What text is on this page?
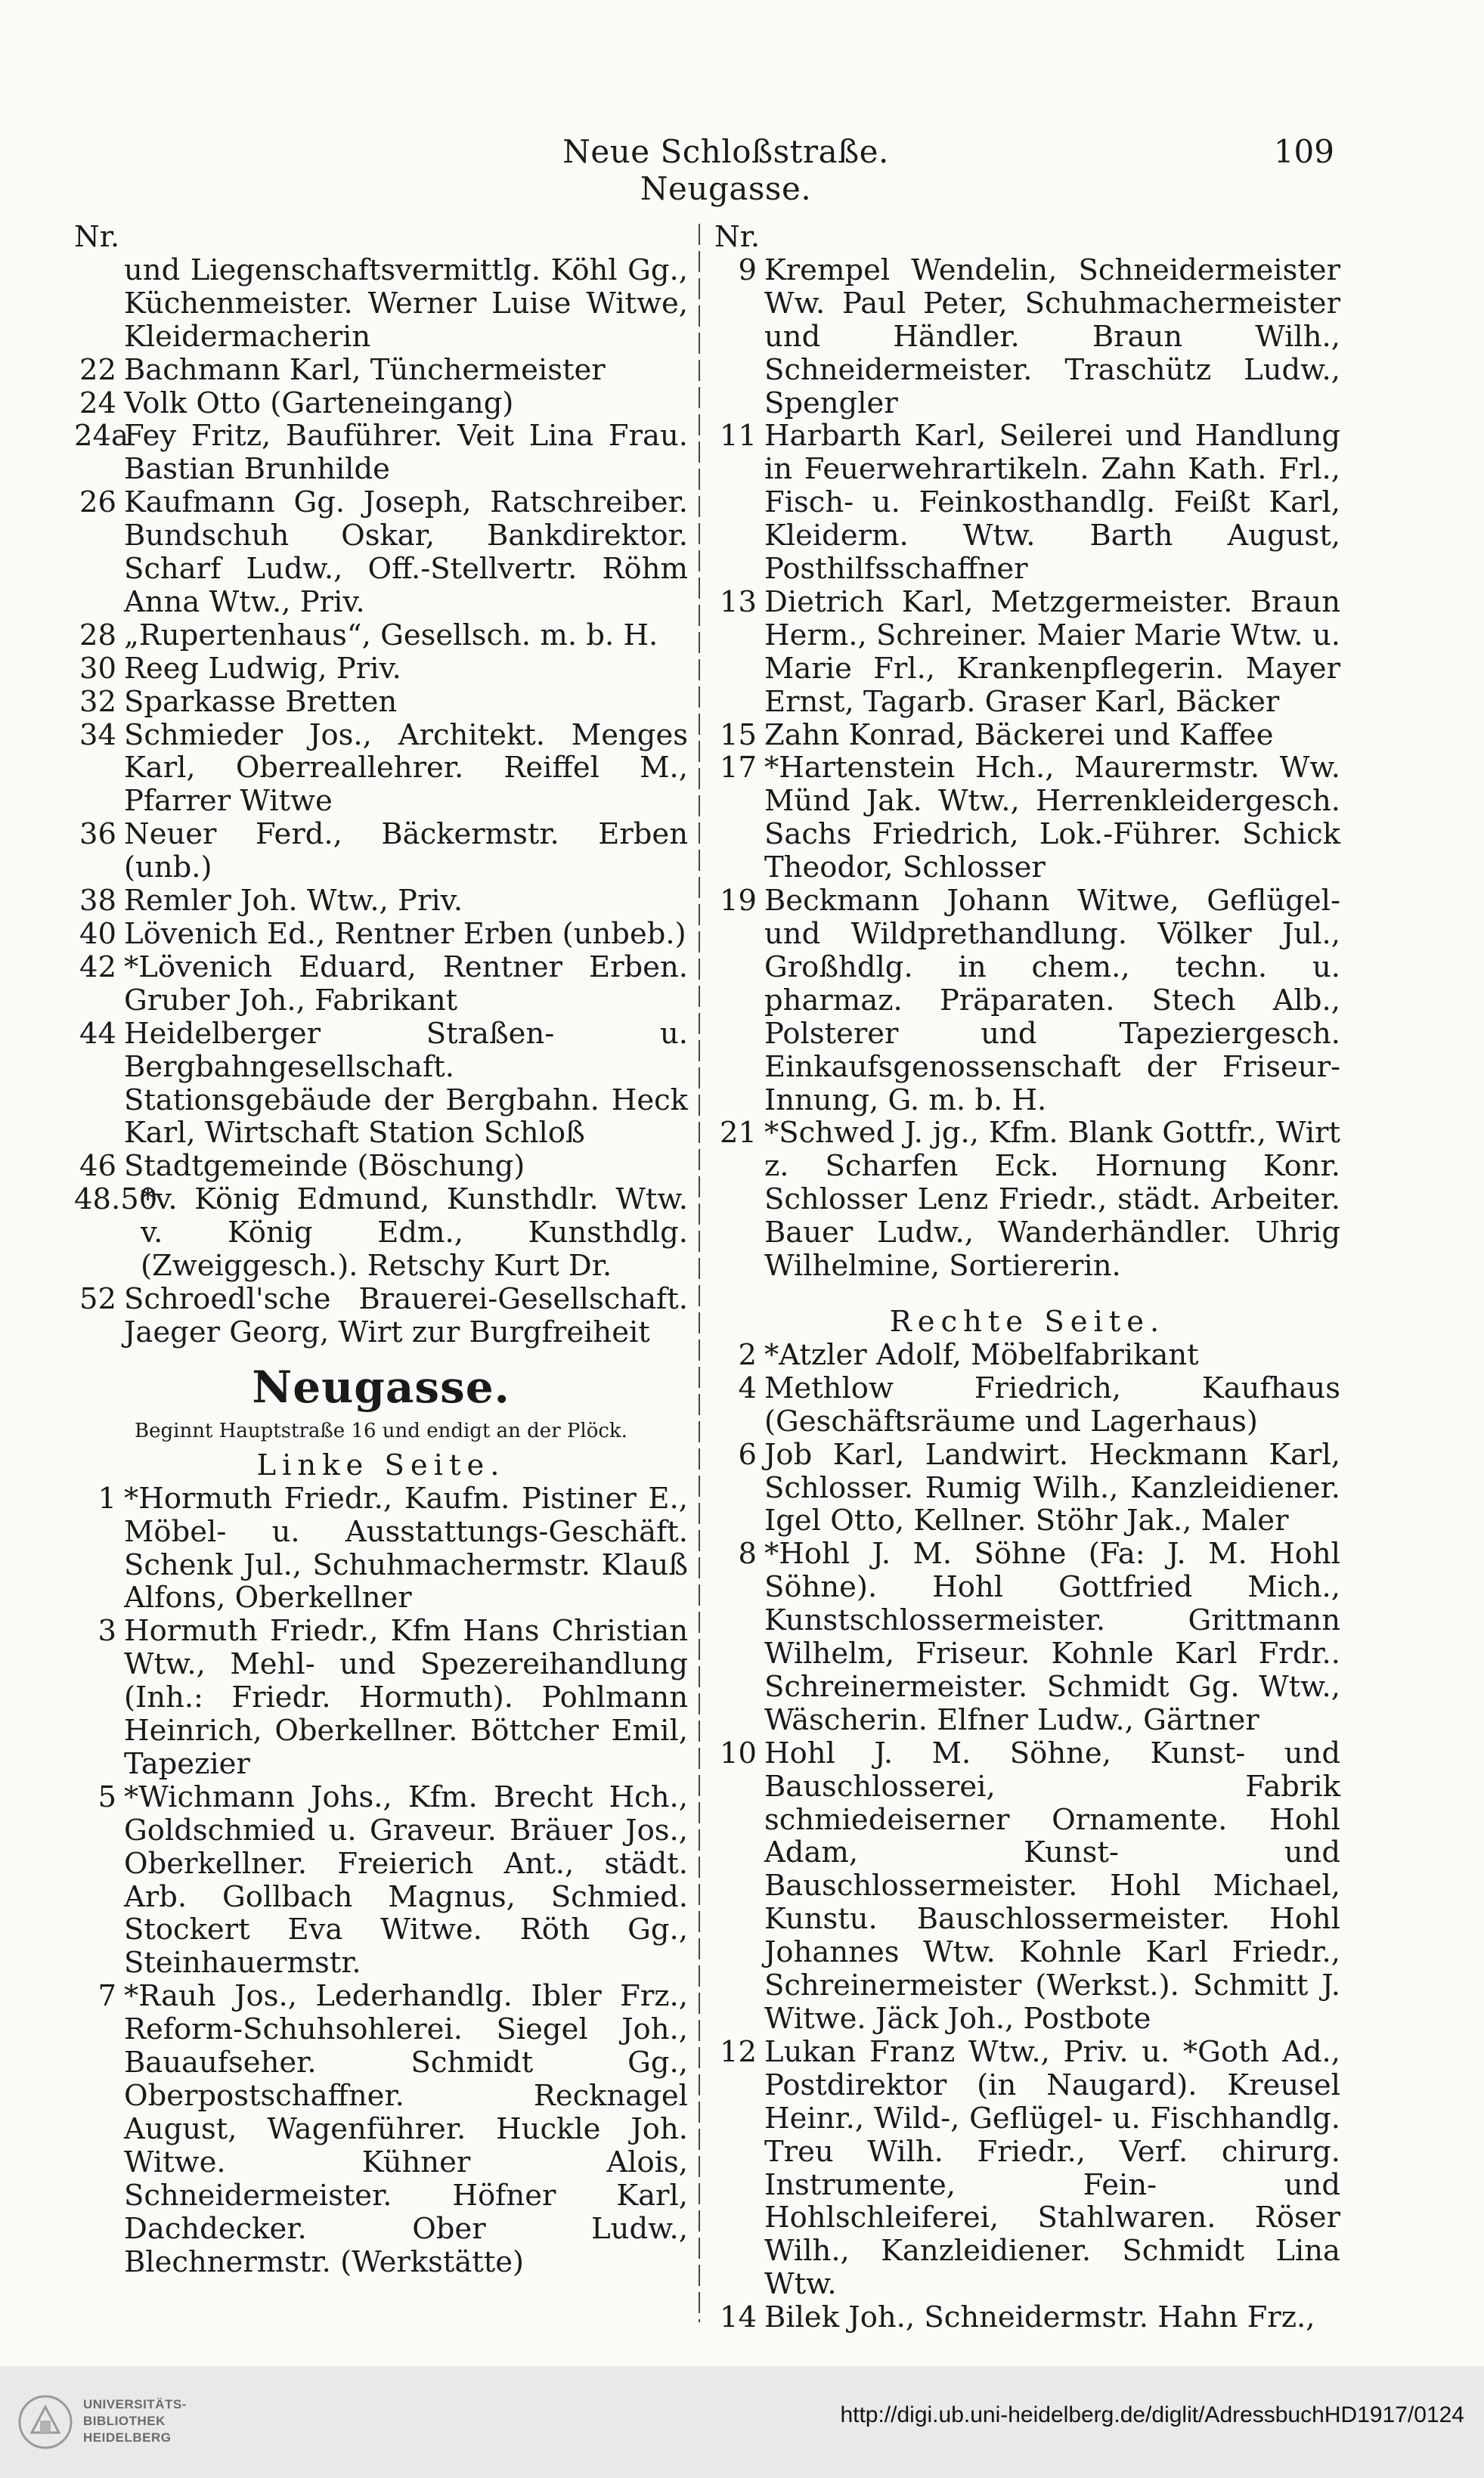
Neue Schloßstraße. Neugasse.
109
Nr.
und Liegenschaftsvermittlg. Köhl Gg., Küchenmeister. Werner Luise Witwe, Kleidermacherin
22 Bachmann Karl, Tünchermeister
24 Volk Otto (Garteneingang)
24a
Fey Fritz, Bauführer. Veit Lina Frau. Bastian Brunhilde
26 Kaufmann Gg. Joseph, Ratschreiber. Bundschuh Oskar, Bankdirektor. Scharf Ludw., Off.-Stellvertr. Röhm Anna Wtw., Priv.
28 „Rupertenhaus“, Gesellsch. m. b. H.
30 Reeg Ludwig, Priv.
32 Sparkasse Bretten
34 Schmieder Jos., Architekt. Menges Karl, Oberreallehrer. Reiffel M., Pfarrer Witwe
36 Neuer Ferd., Bäckermstr. Erben (unb.)
38 Remler Joh. Wtw., Priv.
40 Lövenich Ed., Rentner Erben (unbeb.)
42 *Lövenich Eduard, Rentner Erben. Gruber Joh., Fabrikant
44 Heidelberger Straßen- u. Bergbahngesellschaft. Stationsgebäude der Bergbahn. Heck Karl, Wirtschaft Station Schloß
46 Stadtgemeinde (Böschung)
48.50
*v. König Edmund, Kunsthdlr. Wtw. v. König Edm., Kunsthdlg. (Zweiggesch.). Retschy Kurt Dr.
52 Schroedl'sche Brauerei-Gesellschaft. Jaeger Georg, Wirt zur Burgfreiheit
Neugasse.
Beginnt Hauptstraße 16 und endigt an der Plöck.
Linke Seite.
1 *Hormuth Friedr., Kaufm. Pistiner E., Möbel- u. Ausstattungs-Geschäft. Schenk Jul., Schuhmachermstr. Klauß Alfons, Oberkellner
3 Hormuth Friedr., Kfm Hans Christian Wtw., Mehl- und Spezereihandlung (Inh.: Friedr. Hormuth). Pohlmann Heinrich, Oberkellner. Böttcher Emil, Tapezier
5 *Wichmann Johs., Kfm. Brecht Hch., Goldschmied u. Graveur. Bräuer Jos., Oberkellner. Freierich Ant., städt. Arb. Gollbach Magnus, Schmied. Stockert Eva Witwe. Röth Gg., Steinhauermstr.
7 *Rauh Jos., Lederhandlg. Ibler Frz., Reform-Schuhsohlerei. Siegel Joh., Bauaufseher. Schmidt Gg., Oberpostschaffner. Recknagel August, Wagenführer. Huckle Joh. Witwe. Kühner Alois, Schneidermeister. Höfner Karl, Dachdecker. Ober Ludw., Blechnermstr. (Werkstätte)
Nr.
9 Krempel Wendelin, Schneidermeister Ww. Paul Peter, Schuhmachermeister und Händler. Braun Wilh., Schneidermeister. Traschütz Ludw., Spengler
11 Harbarth Karl, Seilerei und Handlung in Feuerwehrartikeln. Zahn Kath. Frl., Fisch- u. Feinkosthandlg. Feißt Karl, Kleiderm. Wtw. Barth August, Posthilfsschaffner
13 Dietrich Karl, Metzgermeister. Braun Herm., Schreiner. Maier Marie Wtw. u. Marie Frl., Krankenpflegerin. Mayer Ernst, Tagarb. Graser Karl, Bäcker
15 Zahn Konrad, Bäckerei und Kaffee
17 *Hartenstein Hch., Maurermstr. Ww. Münd Jak. Wtw., Herrenkleidergesch. Sachs Friedrich, Lok.-Führer. Schick Theodor, Schlosser
19 Beckmann Johann Witwe, Geflügel- und Wildprethandlung. Völker Jul., Großhdlg. in chem., techn. u. pharmaz. Präparaten. Stech Alb., Polsterer und Tapeziergesch. Einkaufsgenossenschaft der Friseur-Innung, G. m. b. H.
21 *Schwed J. jg., Kfm. Blank Gottfr., Wirt z. Scharfen Eck. Hornung Konr. Schlosser Lenz Friedr., städt. Arbeiter. Bauer Ludw., Wanderhändler. Uhrig Wilhelmine, Sortiererin.
Rechte Seite.
2 *Atzler Adolf, Möbelfabrikant
4 Methlow Friedrich, Kaufhaus (Geschäftsräume und Lagerhaus)
6 Job Karl, Landwirt. Heckmann Karl, Schlosser. Rumig Wilh., Kanzleidiener. Igel Otto, Kellner. Stöhr Jak., Maler
8 *Hohl J. M. Söhne (Fa: J. M. Hohl Söhne). Hohl Gottfried Mich., Kunstschlossermeister. Grittmann Wilhelm, Friseur. Kohnle Karl Frdr.. Schreinermeister. Schmidt Gg. Wtw., Wäscherin. Elfner Ludw., Gärtner
10 Hohl J. M. Söhne, Kunst- und Bauschlosserei, Fabrik schmiedeiserner Ornamente. Hohl Adam, Kunst- und Bauschlossermeister. Hohl Michael, Kunstu. Bauschlossermeister. Hohl Johannes Wtw. Kohnle Karl Friedr., Schreinermeister (Werkst.). Schmitt J. Witwe. Jäck Joh., Postbote
12 Lukan Franz Wtw., Priv. u. *Goth Ad., Postdirektor (in Naugard). Kreusel Heinr., Wild-, Geflügel- u. Fischhandlg. Treu Wilh. Friedr., Verf. chirurg. Instrumente, Fein- und Hohlschleiferei, Stahlwaren. Röser Wilh., Kanzleidiener. Schmidt Lina Wtw.
14 Bilek Joh., Schneidermstr. Hahn Frz.,
UNIVERSITÄTS-
BIBLIOTHEK
HEIDELBERG
http://digi.ub.uni-heidelberg.de/diglit/AdressbuchHD1917/0124
